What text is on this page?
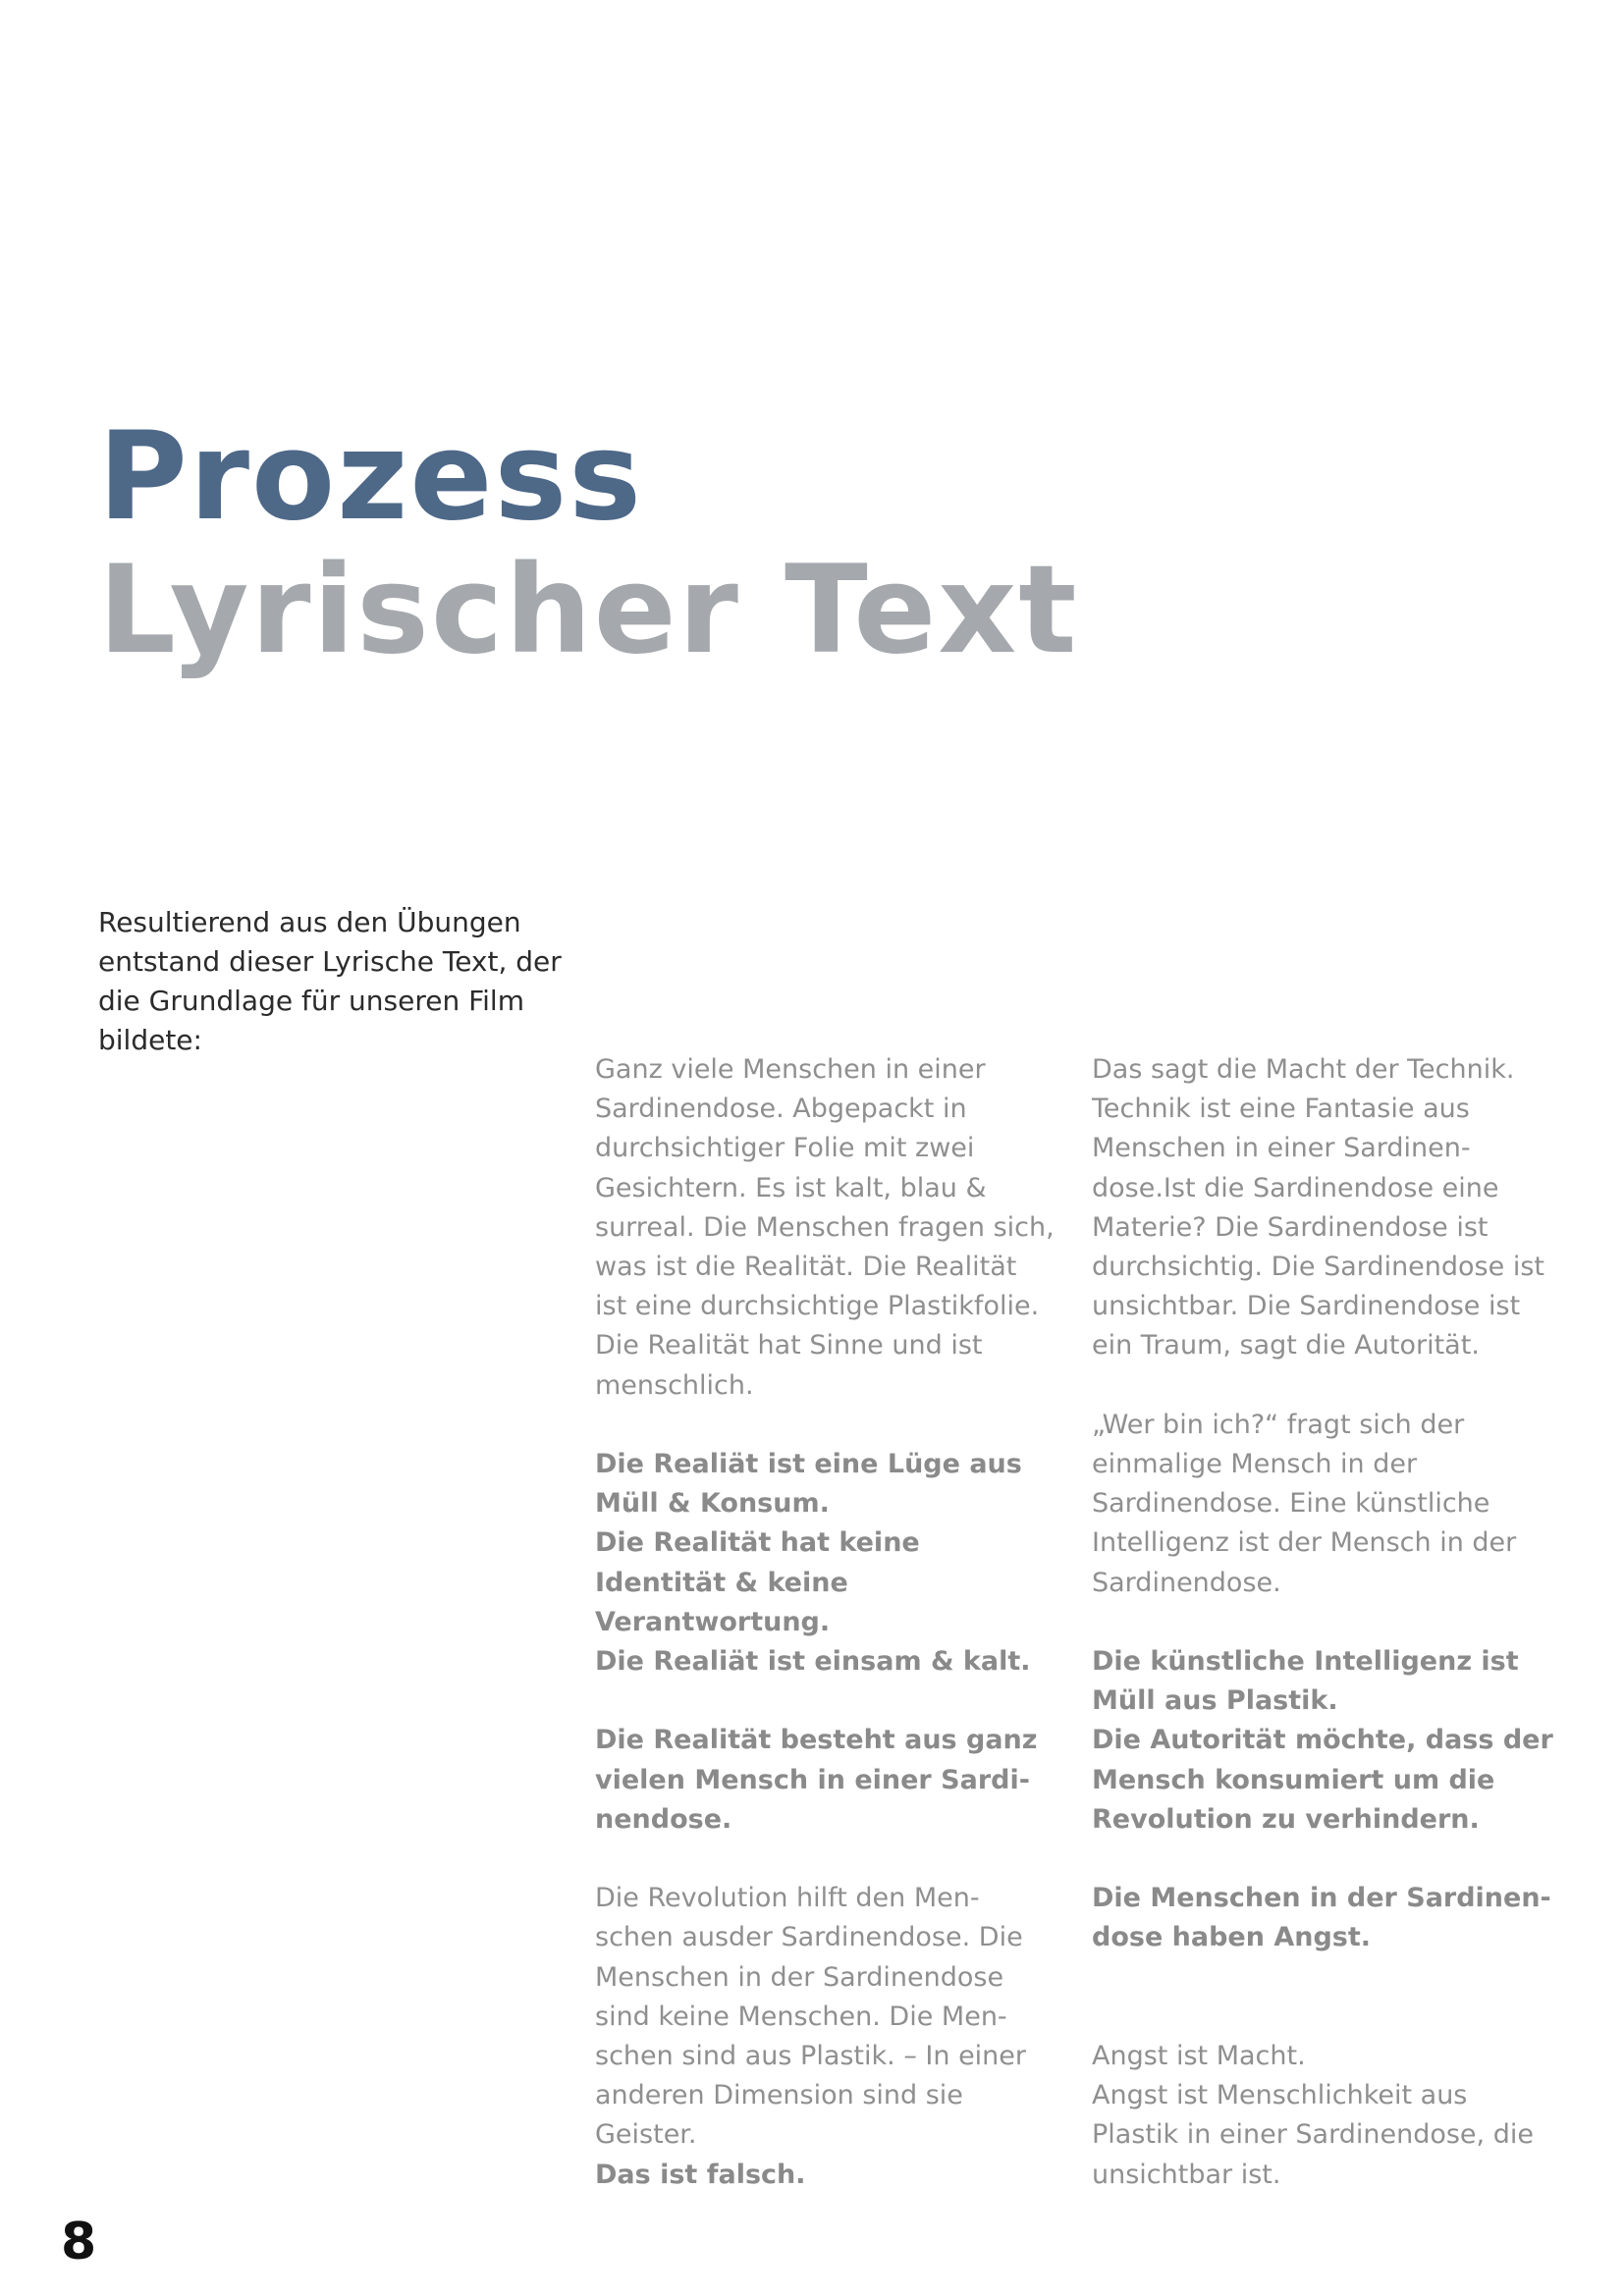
Prozess
Lyrischer Text

Resultierend aus den Übungen entstand dieser Lyrische Text, der die Grundlage für unseren Film bildete:

Ganz viele Menschen in einer Sardinendose. Abgepackt in durchsichtiger Folie mit zwei Gesichtern. Es ist kalt, blau & surreal. Die Menschen fragen sich, was ist die Realität. Die Realität ist eine durchsichtige Plastikfolie. Die Realität hat Sinne und ist menschlich.

Die Realiät ist eine Lüge aus Müll & Konsum.
Die Realität hat keine Identität & keine Verantwortung.
Die Realiät ist einsam & kalt.

Die Realität besteht aus ganz vielen Mensch in einer Sardi-nendose.

Die Revolution hilft den Men-schen ausder Sardinendose. Die Menschen in der Sardinendose sind keine Menschen. Die Men-schen sind aus Plastik. – In einer anderen Dimension sind sie Geister.

Das ist falsch.

Das sagt die Macht der Technik. Technik ist eine Fantasie aus Menschen in einer Sardinen-dose.Ist die Sardinendose eine Materie? Die Sardinendose ist durchsichtig. Die Sardinendose ist unsichtbar. Die Sardinendose ist ein Traum, sagt die Autorität.

„Wer bin ich?“ fragt sich der einmalige Mensch in der Sardinendose. Eine künstliche Intelligenz ist der Mensch in der Sardinendose.

Die künstliche Intelligenz ist Müll aus Plastik.
Die Autorität möchte, dass der Mensch konsumiert um die Revolution zu verhindern.

Die Menschen in der Sardinen-dose haben Angst.

Angst ist Macht.
Angst ist Menschlichkeit aus Plastik in einer Sardinendose, die unsichtbar ist.

8
